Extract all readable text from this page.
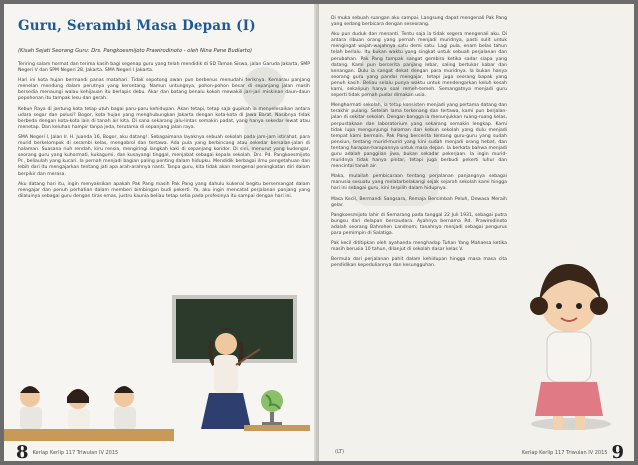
Guru, Serambi Masa Depan (I)
(Kisah Sejati Seorang Guru: Drs. Pangkoesmijoto Prawirodinoto - oleh Nina Pane Budiarto)

Teriring salam hormat dan terima kasih bagi segenap guru yang telah mendidik di SD Taman Siswa, jalan Garuda Jakarta, SMP Negeri V dan SPM Negeri 28, Jakarta. SMA Negeri I Jakarta.

Hari ini kota hujan bermandi panas matahari. Tidak sepotong awan pun berbenus menudahi teriknya. Kemarau panjang menelan mendung dalam perutnya yang kerontang. Namun untungnya, pohon-pohon besar di sepanjang jalan masih bersedia menaungi walau kehijauan itu berlapis debu. Akar dan batang benalu kokoh mewakili jari-jari miskinan daun-daun pepohonan itu tampak lesu dan gerah.

Kebun Raya di jantung kota tetap utuh bagai paru-paru kehidupan. Akan tetapi, tetap saja gupikah ia menyelesaikan antara udara segar dan polusi? Bogor, kota hujan yang menghubungkan Jakarta dengan kota-kota di Jawa Barat. Nasibnya tidak berbeda dengan kota-kota lain di tanah air kita. Di sana sekarang jalu-lintas semakin padat, yang hanya sekedar lewat atau menetap. Dan keluhan hampir tanpa jeda, terutama di sepanjang jalan raya.

SMA Negeri I, Jalan Ir. H. Juanda 16, Bogor, aku datang!. Sebagaimana layaknya sebuah sekolah pada jam-jam istirahat, para murid berkelompok di serambi kelas, mengobrol dan tertawa. Ada pula yang berbincang atau sekedar bersalan-jalan di halaman. Suasana riuh rendah, kiru rensia, mengiringi langkah kaki di sepanjang koridor. Di sini, menurut yang kudengar, seorang guru yang kuhormati, kukagumi, dan kusayangi tinggal, menjabat sebagai kepala sekolah. Drs. Pd. Pangkoesmijoto Pr., beliaulah yang kucari. Ia pernah menjadi bagian paling penting dalam hidupku. Mendidik berbagai ilmu pengetahuan dan lebih dari itu mengajarkan tentang jati apa arah-arahnya nanti. Tanpa guru, kita tidak akan mengenal peningkatan diri dalam berpikir dan merasa.

Aku datang hari itu, ingin menyaksikan apakah Pak Pang masih Pak Pang yang dahulu kukenal begitu bersemangat dalam mengajar dan penuh perhatian dalam memberi bimbingan budi pekerti. Ya, aku ingin mencatat perjalanan panjang yang dilaluinya sebagai guru dengan tiras emas, justru kaunia beliau tetap setia pada profesinya itu sampai dengan hari ini.

8 Kerlap Kerlip 117 Triwulan IV 2015

Di muka sebuah ruangan aku sampai. Langsung dapat mengenali Pak Pang yang sedang berbicara dengan seseorang.

Aku pun duduk dan menanti. Tentu saja ia tidak segera mengenali aku. Di antara ribuan orang yang pernah menjadi muridnya, pasti sulit untuk mengingat wajah-wajahnya satu demi satu. Lagi pula, enam belas tahun telah berlalu. Itu bukan waktu yang singkat untuk sebuah perjalanan dan perubahan. Pak Pang tampak sangat gembira ketika sadar siapa yang datang. Kami pun bercerita panjang lebar, saling bertukar kabar dan kenangan. Dulu ia sangat dekat dengan para muridnya. Ia bukan hanya seorang guru yang pandai mengajar, tetapi juga seorang bapak yang penuh kasih. Beliau selalu punya waktu untuk mendengarkan keluh kesah kami, sekalipun hanya soal remeh-temeh. Semangatnya menjadi guru seperti tidak pernah pudar dimakan usia.

Menghormati sekolah, ia tetap konsisten menjadi yang pertama datang dan terakhir pulang. Setelah lama terkenang dan tertawa, kami pun berjalan-jalan di sekitar sekolah. Dengan bangga ia menunjukkan ruang-ruang kelas, perpustakaan dan laboratorium yang sekarang semakin lengkap. Kami tidak lupa mengunjungi halaman dan kebun sekolah yang dulu menjadi tempat kami bermain. Pak Pang bercerita tentang guru-guru yang sudah pensiun, tentang murid-murid yang kini sudah menjadi orang hebat, dan tentang harapan-harapannya untuk masa depan. Ia berkata bahwa menjadi guru adalah panggilan jiwa, bukan sekadar pekerjaan. Ia ingin murid-muridnya tidak hanya pintar, tetapi juga berbudi pekerti luhur dan mencintai tanah air.

Maka, mulailah pembicaraan tentang perjalanan panjangnya sebagai manusia sesuatu yang melatarbelakangi sejak sejarah sekolah kami hingga hari ini sebagai guru, kini terpilih dalam hidupnya.

Masa Kecil, Bermandi Sangsara, Remaja Bersimbah Peluh, Dewasa Meraih gelar.

Pangkoesmijoto lahir di Semarang pada tanggal 22 Juli 1931, sebagai putra bungsu dari delapan bersaudara. Ayahnya bernama Rd. Prawirodinoto adalah seorang Bahrohen Landnom; tanahnya menjadi sebagai pengurus para pemimpin di Salatiga.

Pak kecil dititipkan oleh ayahanda menghadap Tuhan Yang Mahaesa ketika masih berusia 10 tahun, dilanjut di sekolah dasar kelas V.

Bermula dari perjalanan pahit dalam kehidupan hingga masa masa cita pendidikan kepeduliannya dan kesungguhan.

(LT)	Kerlap Kerlip 117 Triwulan IV 2015 9
